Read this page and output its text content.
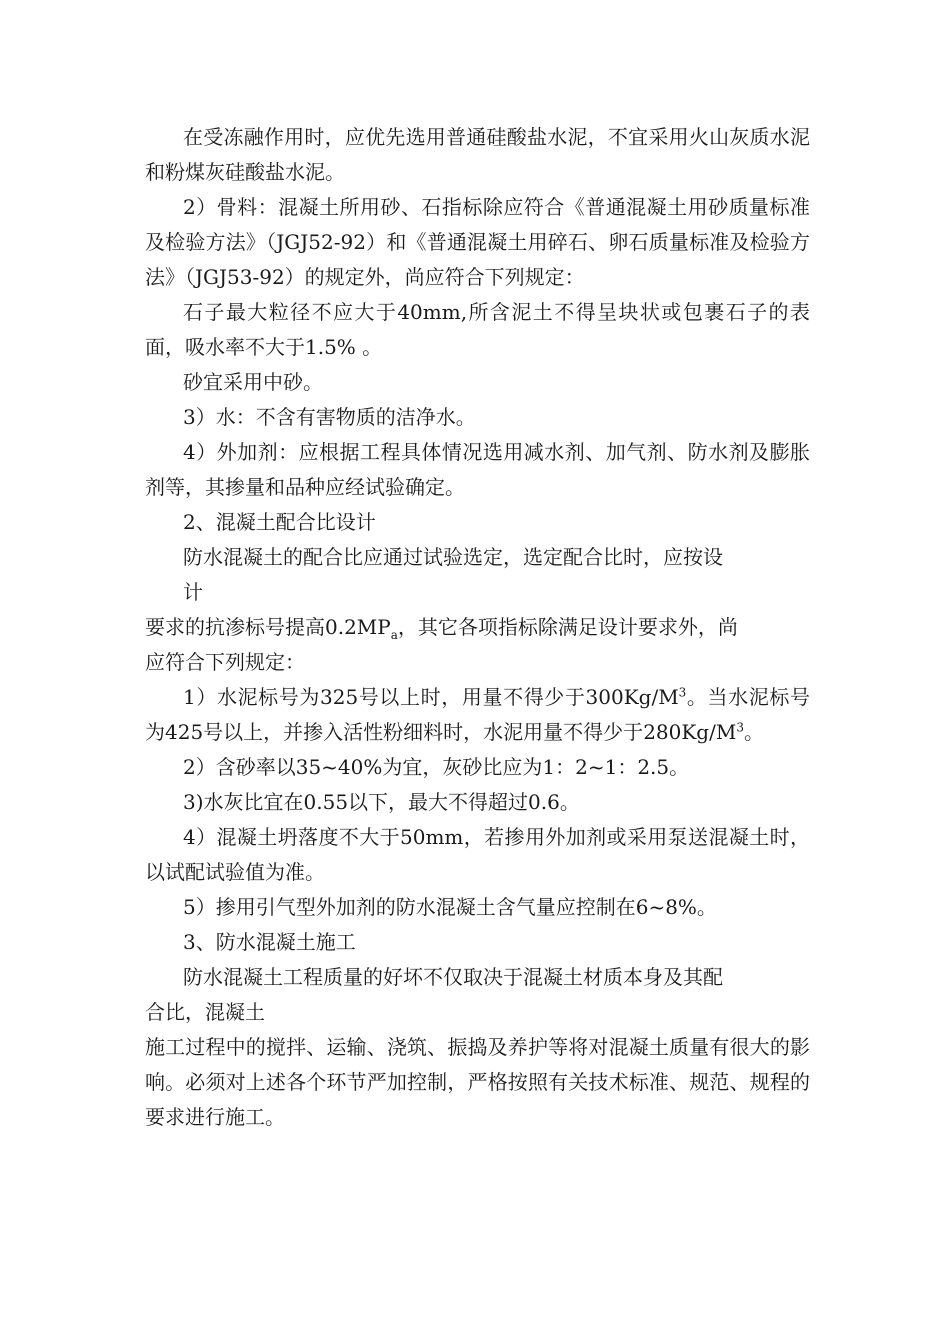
在受冻融作用时，应优先选用普通硅酸盐水泥，不宜采用火山灰质水泥和粉煤灰硅酸盐水泥。

2）骨料：混凝土所用砂、石指标除应符合《普通混凝土用砂质量标准及检验方法》（JGJ52-92）和《普通混凝土用碎石、卵石质量标准及检验方法》（JGJ53-92）的规定外，尚应符合下列规定：

石子最大粒径不应大于40mm,所含泥土不得呈块状或包裹石子的表面，吸水率不大于1.5% 。

砂宜采用中砂。

3）水：不含有害物质的洁净水。

4）外加剂：应根据工程具体情况选用减水剂、加气剂、防水剂及膨胀剂等，其掺量和品种应经试验确定。

2、混凝土配合比设计

防水混凝土的配合比应通过试验选定，选定配合比时，应按设

计

要求的抗渗标号提高$0.2MP_a$，其它各项指标除满足设计要求外，尚

应符合下列规定：

1）水泥标号为325号以上时，用量不得少于$300Kg/M^3$。当水泥标号为425号以上，并掺入活性粉细料时，水泥用量不得少于$280Kg/M^3$。

2）含砂率以35~40%为宜，灰砂比应为1：2~1：2.5。

3)水灰比宜在0.55以下，最大不得超过0.6。

4）混凝土坍落度不大于50mm，若掺用外加剂或采用泵送混凝土时，以试配试验值为准。

5）掺用引气型外加剂的防水混凝土含气量应控制在6~8%。

3、防水混凝土施工

防水混凝土工程质量的好坏不仅取决于混凝土材质本身及其配

合比，混凝土

施工过程中的搅拌、运输、浇筑、振捣及养护等将对混凝土质量有很大的影响。必须对上述各个环节严加控制，严格按照有关技术标准、规范、规程的要求进行施工。
